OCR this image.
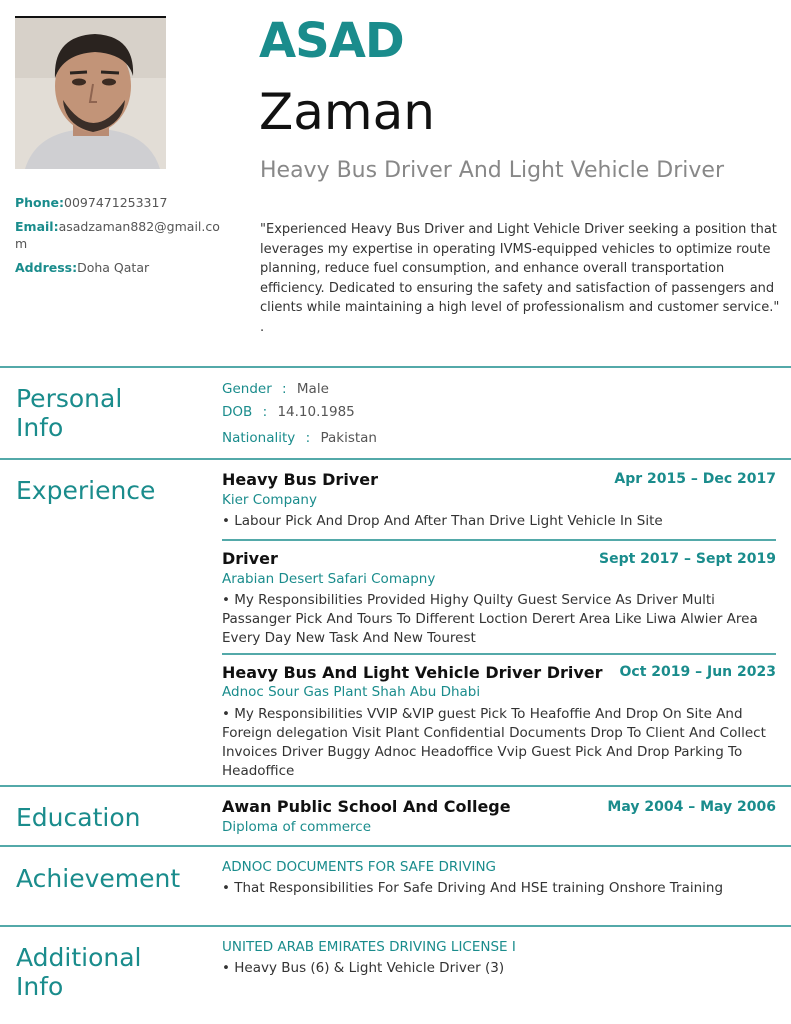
Phone:0097471253317
Email:asadzaman882@gmail.com
Address:Doha Qatar
ASAD
Zaman
Heavy Bus Driver And Light Vehicle Driver
"Experienced Heavy Bus Driver and Light Vehicle Driver seeking a position that leverages my expertise in operating IVMS-equipped vehicles to optimize route planning, reduce fuel consumption, and enhance overall transportation efficiency. Dedicated to ensuring the safety and satisfaction of passengers and clients while maintaining a high level of professionalism and customer service." .
Personal Info
Gender : Male
DOB : 14.10.1985
Nationality : Pakistan
Experience	Heavy Bus Driver	Apr 2015 – Dec 2017
Kier Company
• Labour Pick And Drop And After Than Drive Light Vehicle In Site
Driver	Sept 2017 – Sept 2019
Arabian Desert Safari Comapny
• My Responsibilities Provided Highy Quilty Guest Service As Driver Multi Passanger Pick And Tours To Different Loction Derert Area Like Liwa Alwier Area Every Day New Task And New Tourest
Heavy Bus And Light Vehicle Driver Driver Oct 2019 – Jun 2023
Adnoc Sour Gas Plant Shah Abu Dhabi
• My Responsibilities VVIP &VIP guest Pick To Heafoffie And Drop On Site And Foreign delegation Visit Plant Confidential Documents Drop To Client And Collect Invoices Driver Buggy Adnoc Headoffice Vvip Guest Pick And Drop Parking To Headoffice
Education	Awan Public School And College	May 2004 – May 2006
Diploma of commerce
Achievement	ADNOC DOCUMENTS FOR SAFE DRIVING
• That Responsibilities For Safe Driving And HSE training Onshore Training
Additional Info
UNITED ARAB EMIRATES DRIVING LICENSE I
• Heavy Bus (6) & Light Vehicle Driver (3)
